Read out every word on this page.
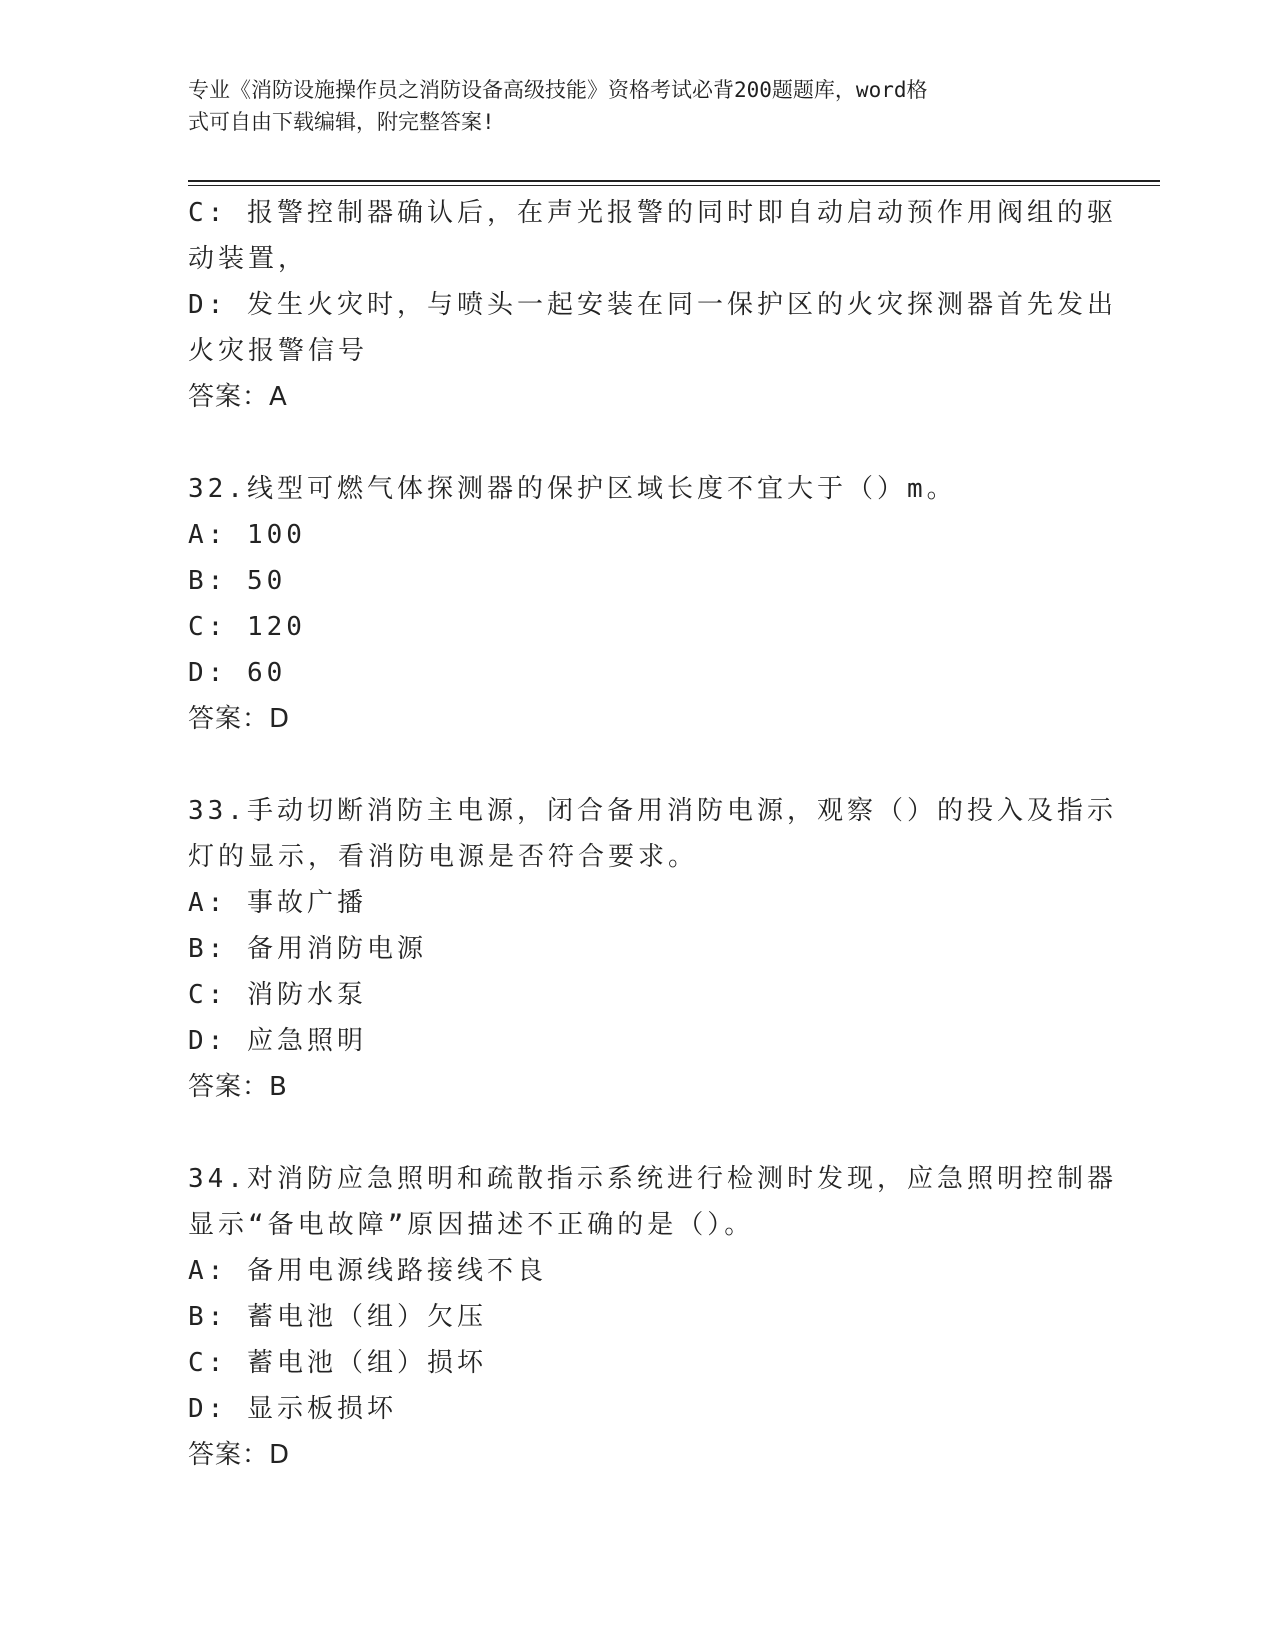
专业《消防设施操作员之消防设备高级技能》资格考试必背200题题库，word格
式可自由下载编辑，附完整答案!
C: 报警控制器确认后，在声光报警的同时即自动启动预作用阀组的驱
动装置，
D: 发生火灾时，与喷头一起安装在同一保护区的火灾探测器首先发出
火灾报警信号
答案：A
32.线型可燃气体探测器的保护区域长度不宜大于（）m。
A: 100
B: 50
C: 120
D: 60
答案：D
33.手动切断消防主电源，闭合备用消防电源，观察（）的投入及指示
灯的显示，看消防电源是否符合要求。
A: 事故广播
B: 备用消防电源
C: 消防水泵
D: 应急照明
答案：B
34.对消防应急照明和疏散指示系统进行检测时发现，应急照明控制器
显示“备电故障”原因描述不正确的是（）。
A: 备用电源线路接线不良
B: 蓄电池（组）欠压
C: 蓄电池（组）损坏
D: 显示板损坏
答案：D
